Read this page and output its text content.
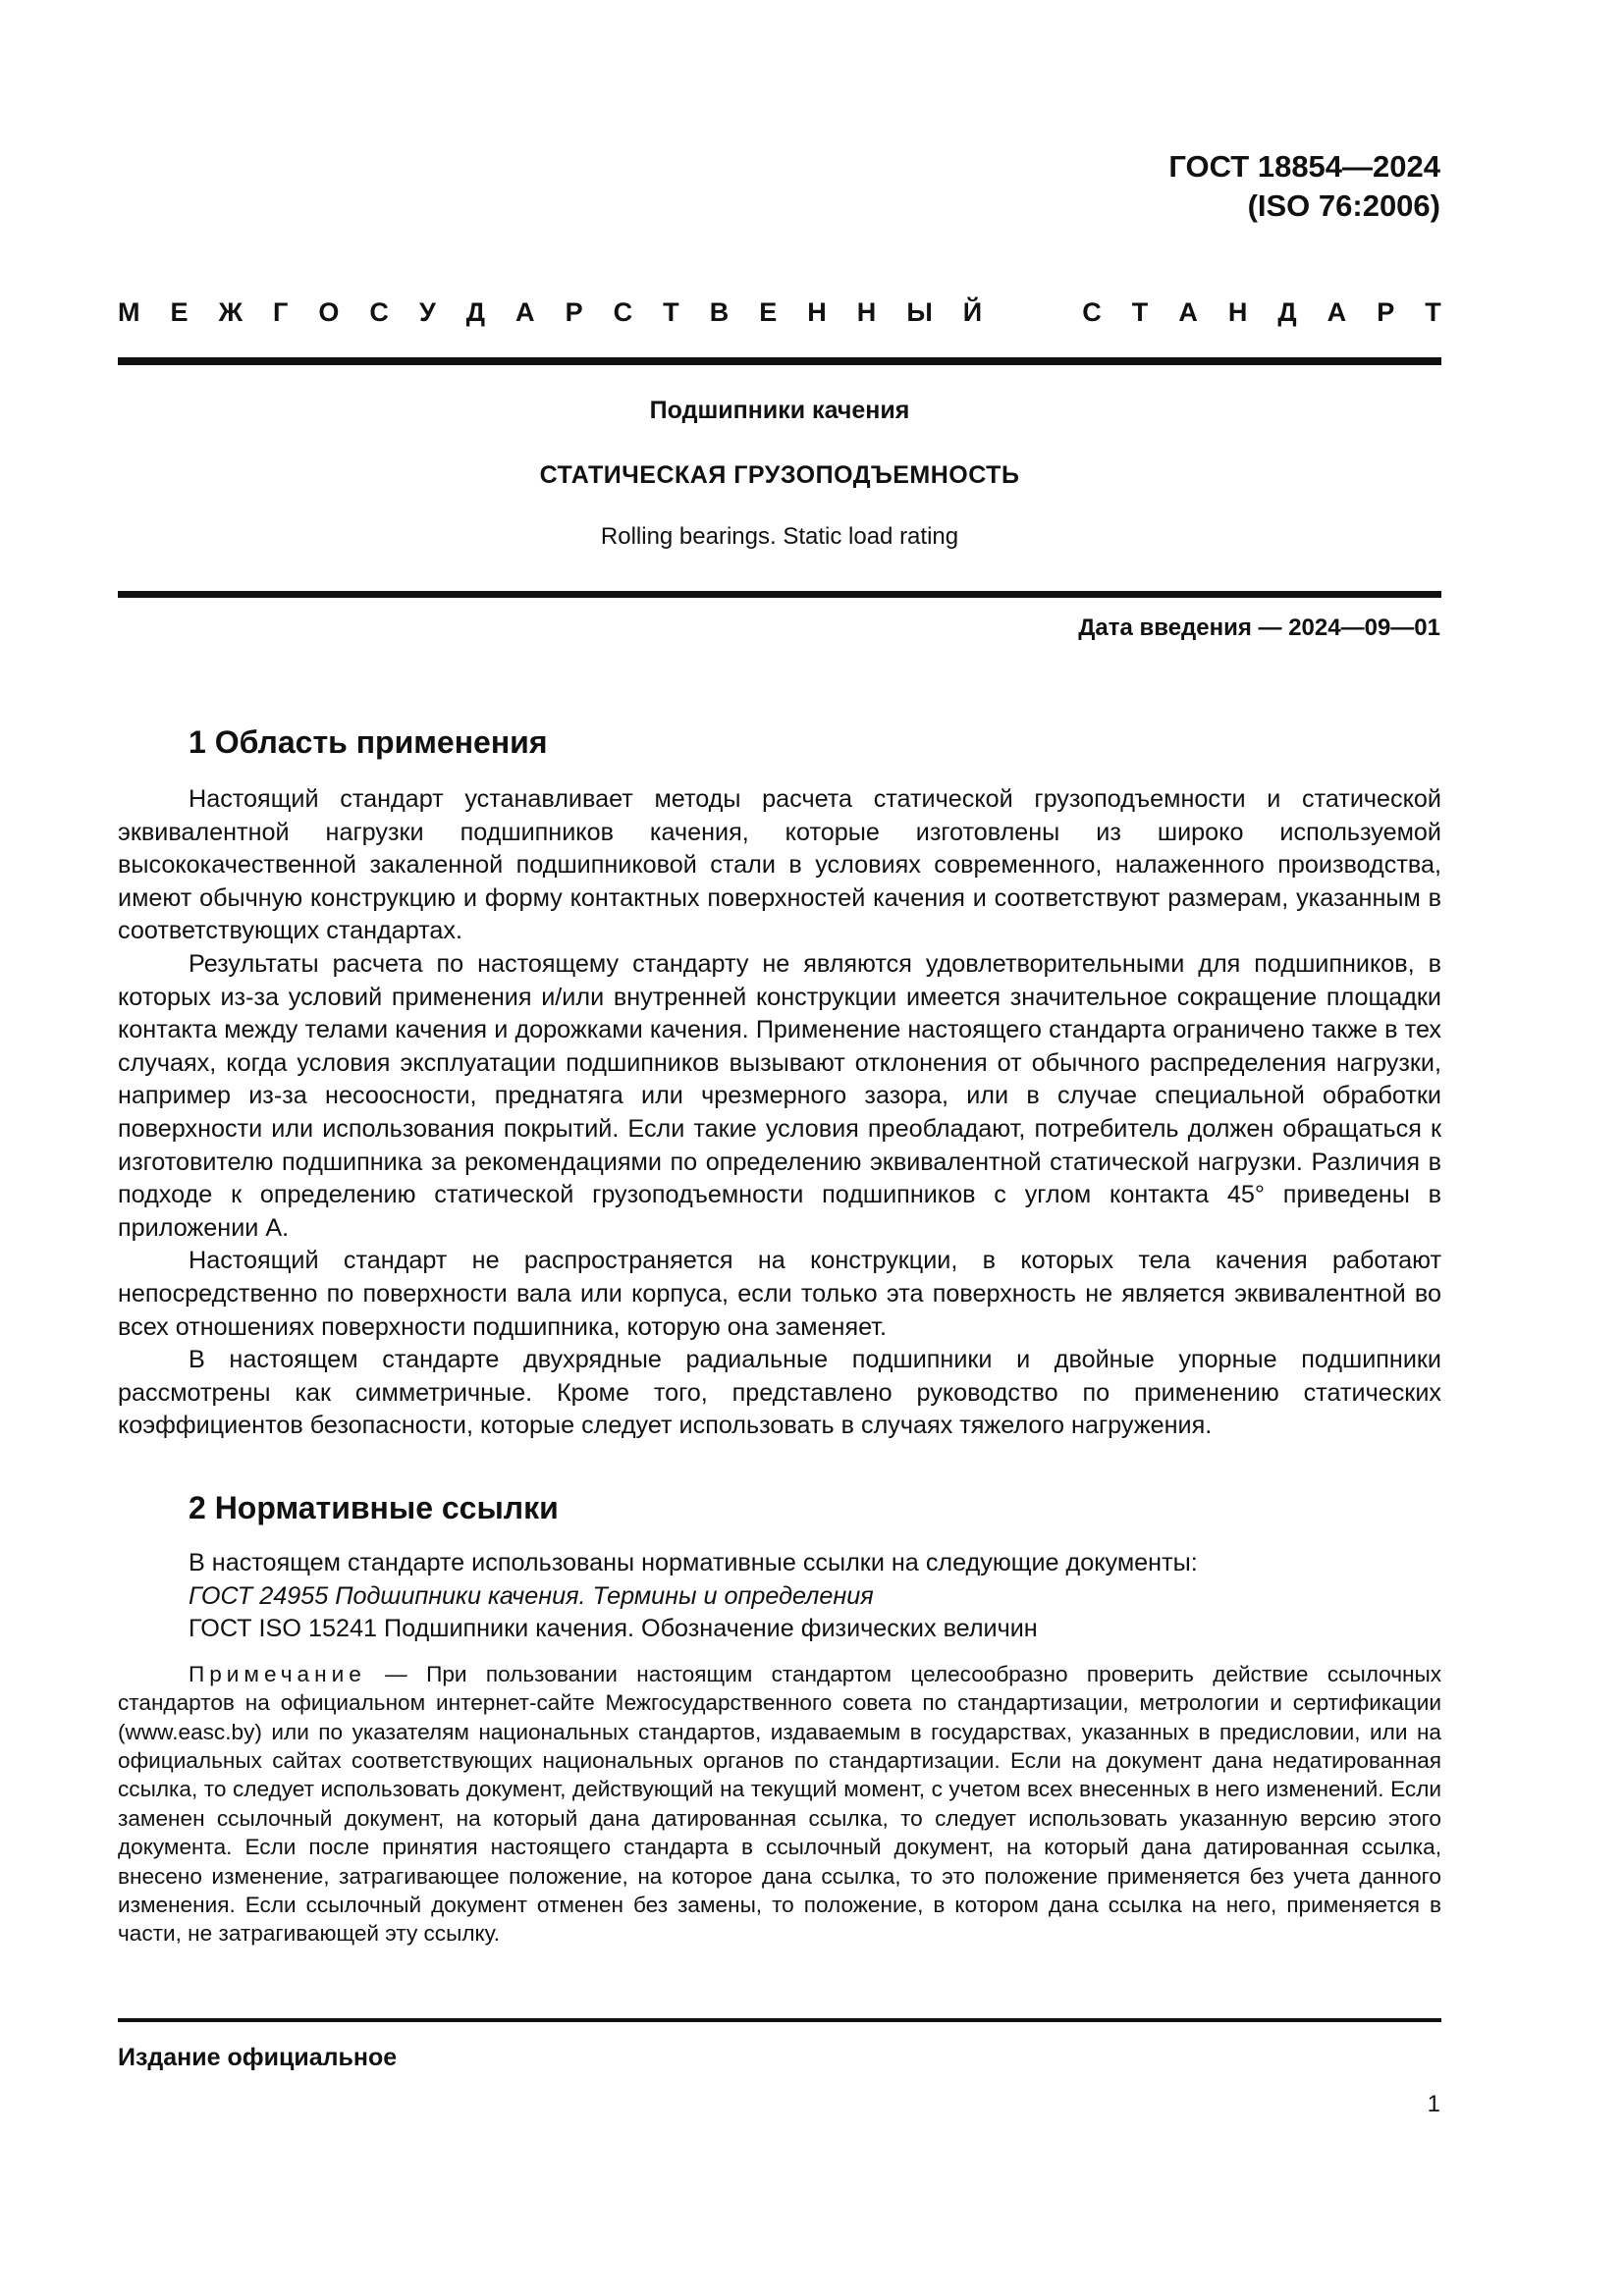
ГОСТ 18854—2024
(ISO 76:2006)
М Е Ж Г О С У Д А Р С Т В Е Н Н Ы Й	С Т А Н Д А Р Т
Подшипники качения
СТАТИЧЕСКАЯ ГРУЗОПОДЪЕМНОСТЬ
Rolling bearings. Static load rating
Дата введения — 2024—09—01
1 Область применения

Настоящий стандарт устанавливает методы расчета статической грузоподъемности и статической эквивалентной нагрузки подшипников качения, которые изготовлены из широко используемой высококачественной закаленной подшипниковой стали в условиях современного, налаженного производства, имеют обычную конструкцию и форму контактных поверхностей качения и соответствуют размерам, указанным в соответствующих стандартах.

Результаты расчета по настоящему стандарту не являются удовлетворительными для подшипников, в которых из-за условий применения и/или внутренней конструкции имеется значительное сокращение площадки контакта между телами качения и дорожками качения. Применение настоящего стандарта ограничено также в тех случаях, когда условия эксплуатации подшипников вызывают отклонения от обычного распределения нагрузки, например из-за несоосности, преднатяга или чрезмерного зазора, или в случае специальной обработки поверхности или использования покрытий. Если такие условия преобладают, потребитель должен обращаться к изготовителю подшипника за рекомендациями по определению эквивалентной статической нагрузки. Различия в подходе к определению статической грузоподъемности подшипников с углом контакта 45° приведены в приложении А.

Настоящий стандарт не распространяется на конструкции, в которых тела качения работают непосредственно по поверхности вала или корпуса, если только эта поверхность не является эквивалентной во всех отношениях поверхности подшипника, которую она заменяет.

В настоящем стандарте двухрядные радиальные подшипники и двойные упорные подшипники рассмотрены как симметричные. Кроме того, представлено руководство по применению статических коэффициентов безопасности, которые следует использовать в случаях тяжелого нагружения.

2 Нормативные ссылки

В настоящем стандарте использованы нормативные ссылки на следующие документы:

ГОСТ 24955 Подшипники качения. Термины и определения

ГОСТ ISO 15241 Подшипники качения. Обозначение физических величин

Примечание — При пользовании настоящим стандартом целесообразно проверить действие ссылочных стандартов на официальном интернет-сайте Межгосударственного совета по стандартизации, метрологии и сертификации (www.easc.by) или по указателям национальных стандартов, издаваемым в государствах, указанных в предисловии, или на официальных сайтах соответствующих национальных органов по стандартизации. Если на документ дана недатированная ссылка, то следует использовать документ, действующий на текущий момент, с учетом всех внесенных в него изменений. Если заменен ссылочный документ, на который дана датированная ссылка, то следует использовать указанную версию этого документа. Если после принятия настоящего стандарта в ссылочный документ, на который дана датированная ссылка, внесено изменение, затрагивающее положение, на которое дана ссылка, то это положение применяется без учета данного изменения. Если ссылочный документ отменен без замены, то положение, в котором дана ссылка на него, применяется в части, не затрагивающей эту ссылку.

Издание официальное
1
